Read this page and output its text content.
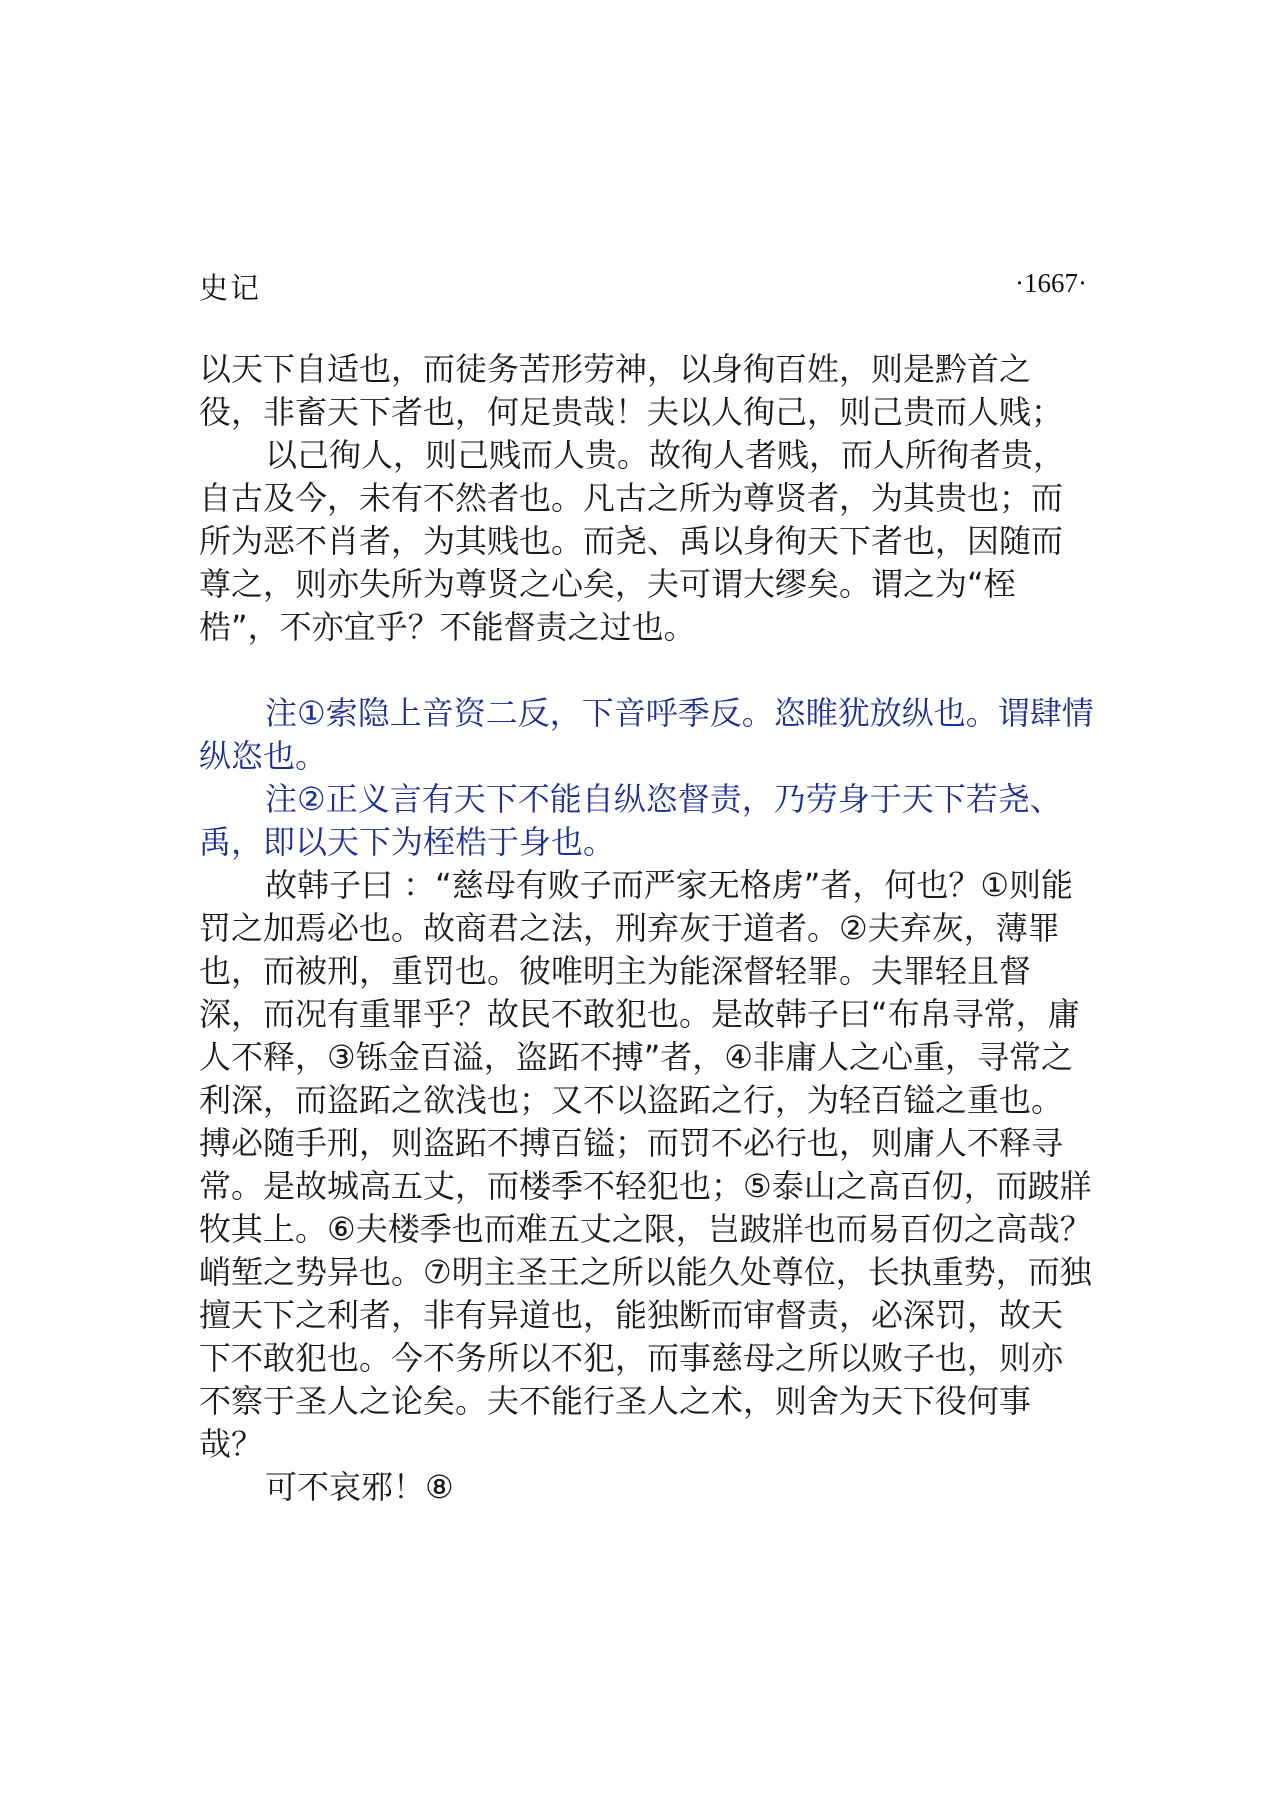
史记	·1667·

以天下自适也，而徒务苦形劳神，以身徇百姓，则是黔首之役，非畜天下者也，何足贵哉！夫以人徇己，则己贵而人贱；

以己徇人，则己贱而人贵。故徇人者贱，而人所徇者贵，自古及今，未有不然者也。凡古之所为尊贤者，为其贵也；而所为恶不肖者，为其贱也。而尧、禹以身徇天下者也，因随而尊之，则亦失所为尊贤之心矣，夫可谓大缪矣。谓之为“桎梏”，不亦宜乎？不能督责之过也。

注①索隐上音资二反，下音呼季反。恣睢犹放纵也。谓肆情纵恣也。

注②正义言有天下不能自纵恣督责，乃劳身于天下若尧、禹，即以天下为桎梏于身也。

故韩子曰 ：“慈母有败子而严家无格虏”者，何也？①则能罚之加焉必也。故商君之法，刑弃灰于道者。②夫弃灰，薄罪也，而被刑，重罚也。彼唯明主为能深督轻罪。夫罪轻且督深，而况有重罪乎？故民不敢犯也。是故韩子曰“布帛寻常，庸人不释，③铄金百溢，盗跖不搏”者，④非庸人之心重，寻常之利深，而盗跖之欲浅也；又不以盗跖之行，为轻百镒之重也。搏必随手刑，则盗跖不搏百镒；而罚不必行也，则庸人不释寻常。是故城高五丈，而楼季不轻犯也；⑤泰山之高百仞，而跛牂牧其上。⑥夫楼季也而难五丈之限，岂跛牂也而易百仞之高哉？峭堑之势异也。⑦明主圣王之所以能久处尊位，长执重势，而独擅天下之利者，非有异道也，能独断而审督责，必深罚，故天下不敢犯也。今不务所以不犯，而事慈母之所以败子也，则亦不察于圣人之论矣。夫不能行圣人之术，则舍为天下役何事哉？

可不哀邪！⑧
